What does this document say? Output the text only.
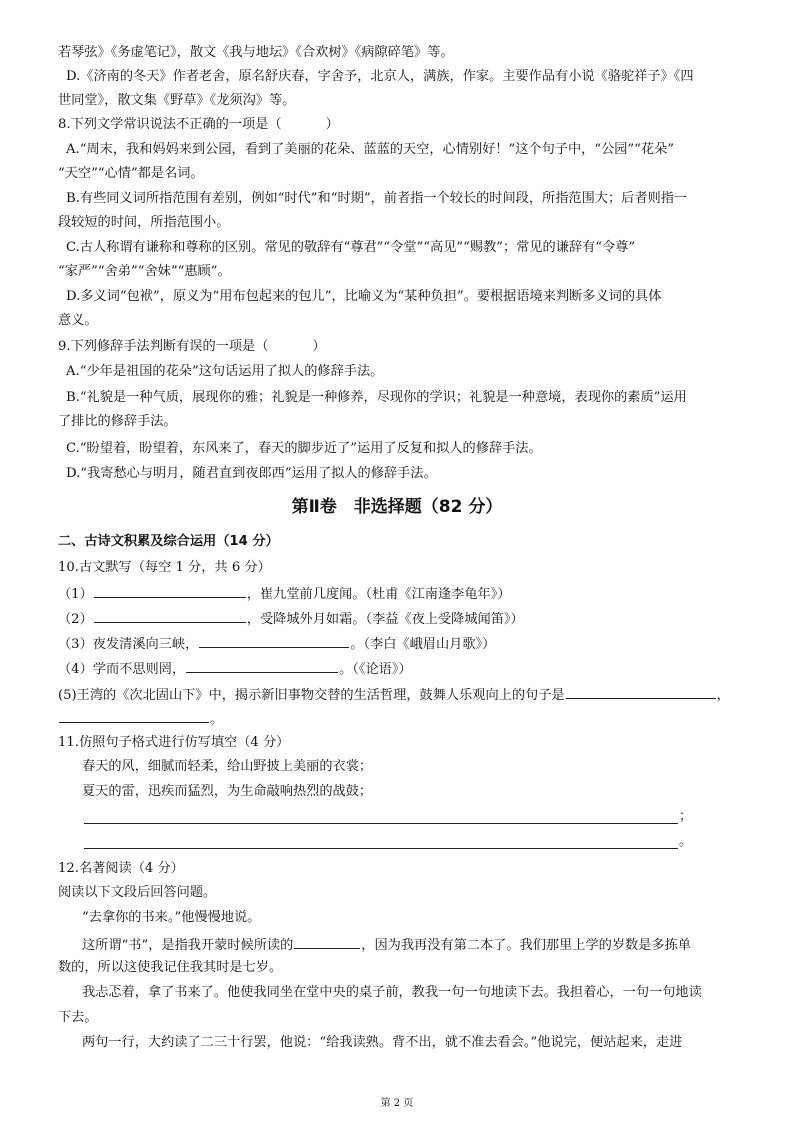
若琴弦》《务虚笔记》，散文《我与地坛》《合欢树》《病隙碎笔》等。
D.《济南的冬天》作者老舍，原名舒庆春，字舍予，北京人，满族，作家。主要作品有小说《骆驼祥子》《四
世同堂》，散文集《野草》《龙须沟》等。
8.下列文学常识说法不正确的一项是（	）
A.“周末，我和妈妈来到公园，看到了美丽的花朵、蓝蓝的天空，心情别好！”这个句子中，“公园”“花朵”
“天空”“心情”都是名词。
B.有些同义词所指范围有差别，例如“时代”和“时期”，前者指一个较长的时间段，所指范围大；后者则指一
段较短的时间，所指范围小。
C.古人称谓有谦称和尊称的区别。常见的敬辞有“尊君”“令堂”“高见”“赐教”；常见的谦辞有“令尊”
“家严”“舍弟”“舍妹”“惠顾”。
D.多义词“包袱”，原义为“用布包起来的包儿”，比喻义为“某种负担”。要根据语境来判断多义词的具体
意义。
9.下列修辞手法判断有误的一项是（	）
A.“少年是祖国的花朵”这句话运用了拟人的修辞手法。
B.“礼貌是一种气质，展现你的雅；礼貌是一种修养，尽现你的学识；礼貌是一种意境，表现你的素质”运用
了排比的修辞手法。
C.“盼望着，盼望着，东风来了，春天的脚步近了”运用了反复和拟人的修辞手法。
D.“我寄愁心与明月，随君直到夜郎西”运用了拟人的修辞手法。
第Ⅱ卷　非选择题（82 分）
二、古诗文积累及综合运用（14 分）
10.古文默写（每空 1 分，共 6 分）
（1）	，崔九堂前几度闻。（杜甫《江南逢李龟年》）
（2）	，受降城外月如霜。（李益《夜上受降城闻笛》）
（3）夜发清溪向三峡，	。（李白《峨眉山月歌》）
（4）学而不思则罔，	。（《论语》）
(5)王湾的《次北固山下》中，揭示新旧事物交替的生活哲理，鼓舞人乐观向上的句子是	，
。
11.仿照句子格式进行仿写填空（4 分）
春天的风，细腻而轻柔，给山野披上美丽的衣裳；
夏天的雷，迅疾而猛烈，为生命敲响热烈的战鼓；
；
。
12.名著阅读（4 分）
阅读以下文段后回答问题。
“去拿你的书来。”他慢慢地说。
这所谓“书”，是指我开蒙时候所读的	，因为我再没有第二本了。我们那里上学的岁数是多拣单
数的，所以这使我记住我其时是七岁。
我忐忑着，拿了书来了。他使我同坐在堂中央的桌子前，教我一句一句地读下去。我担着心，一句一句地读
下去。
两句一行，大约读了二三十行罢，他说：“给我读熟。背不出，就不准去看会。”他说完，便站起来，走进
第 2 页
